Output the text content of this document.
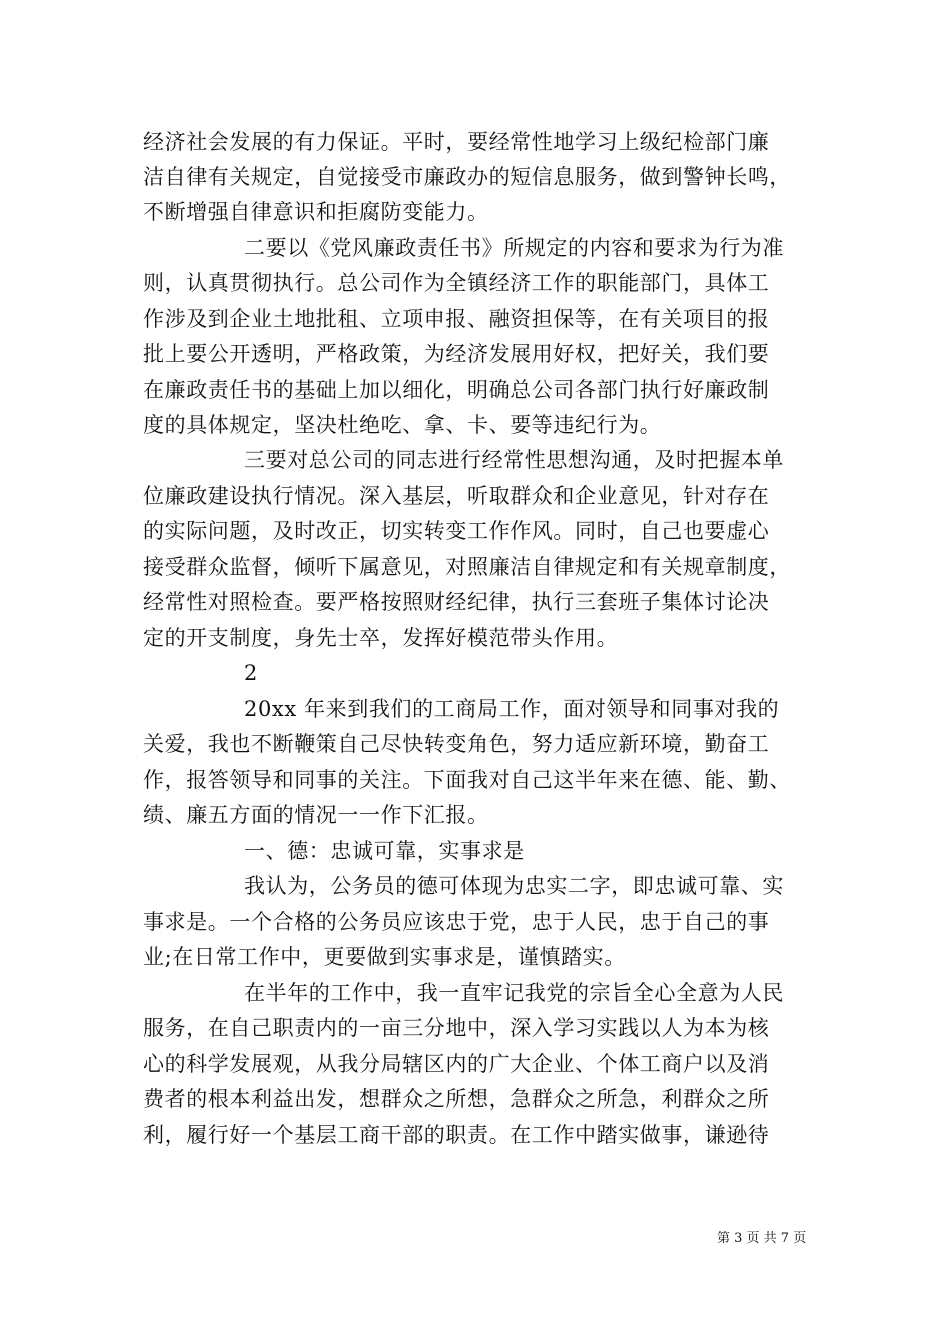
经济社会发展的有力保证。平时，要经常性地学习上级纪检部门廉
洁自律有关规定，自觉接受市廉政办的短信息服务，做到警钟长鸣，
不断增强自律意识和拒腐防变能力。
二要以《党风廉政责任书》所规定的内容和要求为行为准
则，认真贯彻执行。总公司作为全镇经济工作的职能部门，具体工
作涉及到企业土地批租、立项申报、融资担保等，在有关项目的报
批上要公开透明，严格政策，为经济发展用好权，把好关，我们要
在廉政责任书的基础上加以细化，明确总公司各部门执行好廉政制
度的具体规定，坚决杜绝吃、拿、卡、要等违纪行为。
三要对总公司的同志进行经常性思想沟通，及时把握本单
位廉政建设执行情况。深入基层，听取群众和企业意见，针对存在
的实际问题，及时改正，切实转变工作作风。同时，自己也要虚心
接受群众监督，倾听下属意见，对照廉洁自律规定和有关规章制度，
经常性对照检查。要严格按照财经纪律，执行三套班子集体讨论决
定的开支制度，身先士卒，发挥好模范带头作用。
2
20xx 年来到我们的工商局工作，面对领导和同事对我的
关爱，我也不断鞭策自己尽快转变角色，努力适应新环境，勤奋工
作，报答领导和同事的关注。下面我对自己这半年来在德、能、勤、
绩、廉五方面的情况一一作下汇报。
一、德：忠诚可靠，实事求是
我认为，公务员的德可体现为忠实二字，即忠诚可靠、实
事求是。一个合格的公务员应该忠于党，忠于人民，忠于自己的事
业;在日常工作中，更要做到实事求是，谨慎踏实。
在半年的工作中，我一直牢记我党的宗旨全心全意为人民
服务，在自己职责内的一亩三分地中，深入学习实践以人为本为核
心的科学发展观，从我分局辖区内的广大企业、个体工商户以及消
费者的根本利益出发，想群众之所想，急群众之所急，利群众之所
利，履行好一个基层工商干部的职责。在工作中踏实做事，谦逊待
第 3 页 共 7 页
